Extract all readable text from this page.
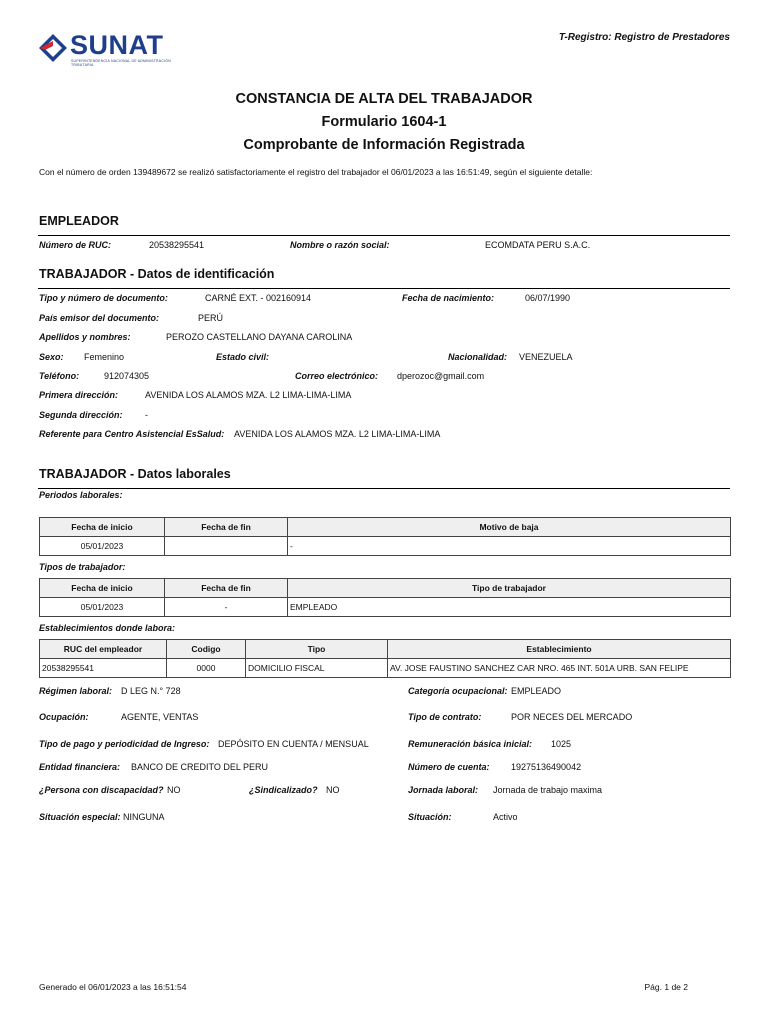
SUNAT
SUPERINTENDENCIA NACIONAL DE ADMINISTRACIÓN TRIBUTARIA
T-Registro: Registro de Prestadores
CONSTANCIA DE ALTA DEL TRABAJADOR
Formulario 1604-1
Comprobante de Información Registrada
Con el número de orden 139489672 se realizó satisfactoriamente el registro del trabajador el 06/01/2023 a las 16:51:49, según el siguiente detalle:
EMPLEADOR
Número de RUC:	20538295541	Nombre o razón social:	ECOMDATA PERU S.A.C.
TRABAJADOR - Datos de identificación
Tipo y número de documento:	CARNÉ EXT. - 002160914	Fecha de nacimiento:	06/07/1990
País emisor del documento:	PERÚ
Apellidos y nombres:	PEROZO CASTELLANO DAYANA CAROLINA
Sexo: Femenino	Estado civil:	Nacionalidad: VENEZUELA
Teléfono:	912074305	Correo electrónico: dperozoc@gmail.com
Primera dirección:	AVENIDA LOS ALAMOS MZA. L2 LIMA-LIMA-LIMA
Segunda dirección: -
Referente para Centro Asistencial EsSalud: AVENIDA LOS ALAMOS MZA. L2 LIMA-LIMA-LIMA
TRABAJADOR - Datos laborales
Periodos laborales:
Fecha de inicio	Fecha de fin	Motivo de baja
05/01/2023		-
Tipos de trabajador:
Fecha de inicio	Fecha de fin	Tipo de trabajador
05/01/2023	-	EMPLEADO
Establecimientos donde labora:
RUC del empleador	Codigo	Tipo	Establecimiento
20538295541	0000	DOMICILIO FISCAL	AV. JOSE FAUSTINO SANCHEZ CAR NRO. 465 INT. 501A URB. SAN FELIPE
Régimen laboral: D LEG N.° 728	Categoría ocupacional: EMPLEADO
Ocupación:	AGENTE, VENTAS	Tipo de contrato:	POR NECES DEL MERCADO
Tipo de pago y periodicidad de Ingreso: DEPÓSITO EN CUENTA / MENSUAL	Remuneración básica inicial: 1025
Entidad financiera: BANCO DE CREDITO DEL PERU	Número de cuenta: 19275136490042
¿Persona con discapacidad? NO	¿Sindicalizado? NO	Jornada laboral: Jornada de trabajo maxima
Situación especial: NINGUNA	Situación:	Activo
Generado el 06/01/2023 a las 16:51:54	Pág. 1 de 2
